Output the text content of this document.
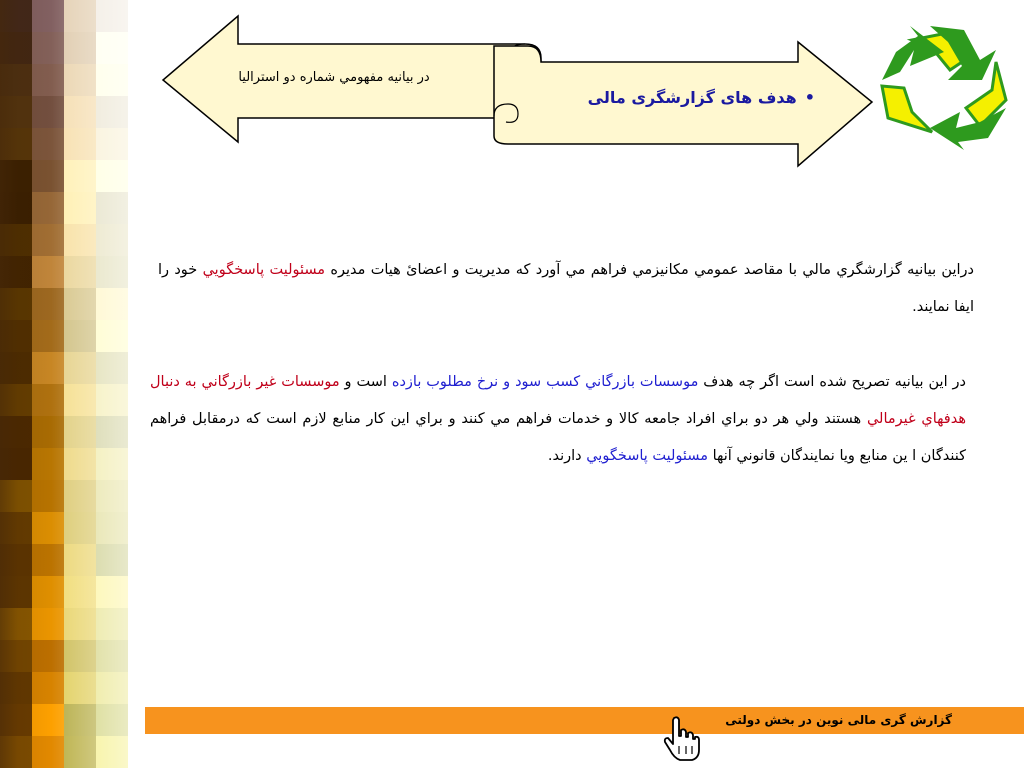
در بيانيه مفهومي شماره دو استراليا
•هدف های گزارشگری مالی
دراين بيانيه گزارشگري مالي با مقاصد عمومي مكانيزمي فراهم مي آورد كه مديريت و اعضائ هيات مديره مسئوليت پاسخگويي خود را ايفا نمايند.
در اين بيانيه تصريح شده است اگر چه هدف موسسات بازرگاني كسب سود و نرخ مطلوب بازده است و موسسات غير بازرگاني به دنبال هدفهاي غيرمالي هستند ولي هر دو براي افراد جامعه كالا و خدمات فراهم مي كنند و براي اين كار منابع لازم است كه درمقابل فراهم كنندگان ا ين منابع ويا نمايندگان قانوني آنها مسئوليت پاسخگويي دارند.
گزارش گری مالی نوین در بخش دولتی
